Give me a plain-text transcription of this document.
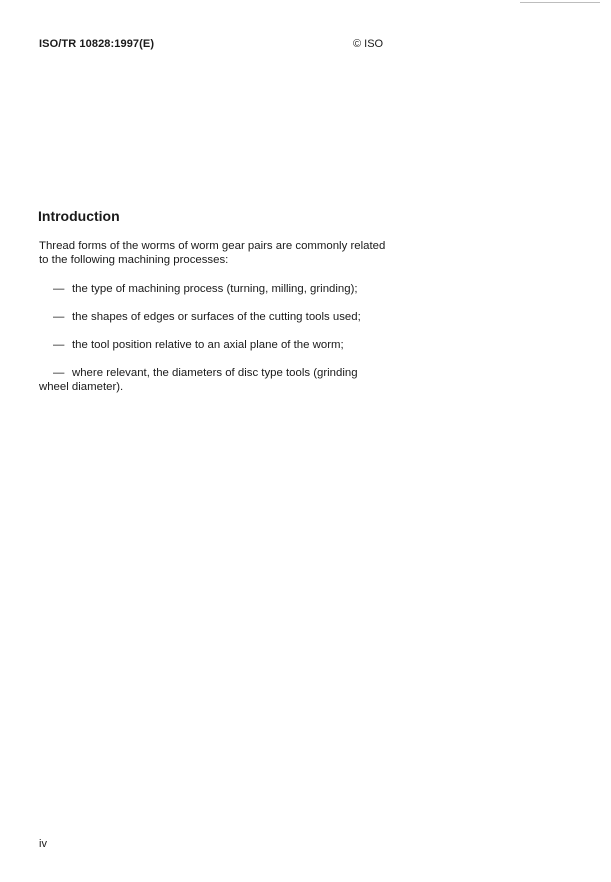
ISO/TR 10828:1997(E)	© ISO
Introduction

Thread forms of the worms of worm gear pairs are commonly related to the following machining processes:

— the type of machining process (turning, milling, grinding);

— the shapes of edges or surfaces of the cutting tools used;

— the tool position relative to an axial plane of the worm;

— where relevant, the diameters of disc type tools (grinding
wheel diameter).

iv
